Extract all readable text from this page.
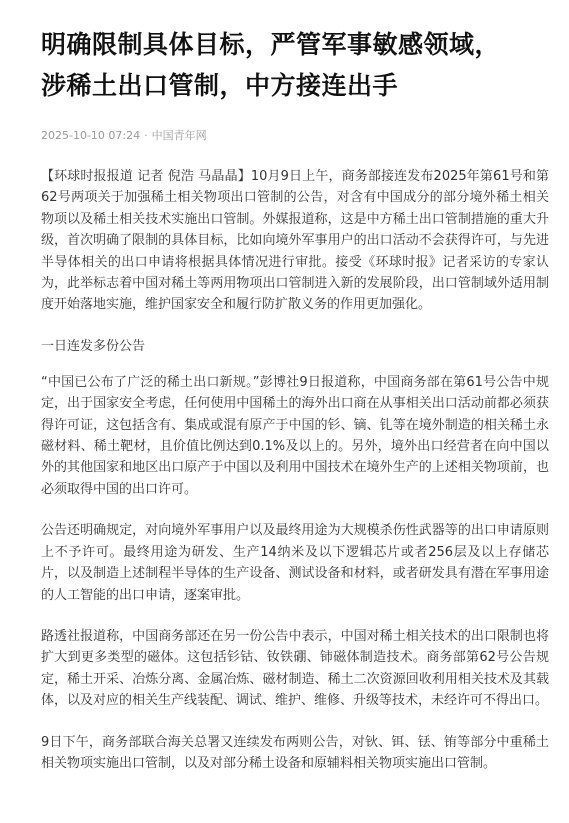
明确限制具体目标，严管军事敏感领域，
涉稀土出口管制，中方接连出手
2025-10-10 07:24 · 中国青年网

【环球时报报道 记者 倪浩 马晶晶】10月9日上午，商务部接连发布2025年第61号和第62号两项关于加强稀土相关物项出口管制的公告，对含有中国成分的部分境外稀土相关物项以及稀土相关技术实施出口管制。外媒报道称，这是中方稀土出口管制措施的重大升级，首次明确了限制的具体目标，比如向境外军事用户的出口活动不会获得许可，与先进半导体相关的出口申请将根据具体情况进行审批。接受《环球时报》记者采访的专家认为，此举标志着中国对稀土等两用物项出口管制进入新的发展阶段，出口管制域外适用制度开始落地实施，维护国家安全和履行防扩散义务的作用更加强化。

一日连发多份公告

“中国已公布了广泛的稀土出口新规。”彭博社9日报道称，中国商务部在第61号公告中规定，出于国家安全考虑，任何使用中国稀土的海外出口商在从事相关出口活动前都必须获得许可证，这包括含有、集成或混有原产于中国的钐、镝、钆等在境外制造的相关稀土永磁材料、稀土靶材，且价值比例达到0.1%及以上的。另外，境外出口经营者在向中国以外的其他国家和地区出口原产于中国以及利用中国技术在境外生产的上述相关物项前，也必须取得中国的出口许可。

公告还明确规定，对向境外军事用户以及最终用途为大规模杀伤性武器等的出口申请原则上不予许可。最终用途为研发、生产14纳米及以下逻辑芯片或者256层及以上存储芯片，以及制造上述制程半导体的生产设备、测试设备和材料，或者研发具有潜在军事用途的人工智能的出口申请，逐案审批。

路透社报道称，中国商务部还在另一份公告中表示，中国对稀土相关技术的出口限制也将扩大到更多类型的磁体。这包括钐钴、钕铁硼、铈磁体制造技术。商务部第62号公告规定，稀土开采、冶炼分离、金属冶炼、磁材制造、稀土二次资源回收利用相关技术及其载体，以及对应的相关生产线装配、调试、维护、维修、升级等技术，未经许可不得出口。

9日下午，商务部联合海关总署又连续发布两则公告，对钬、铒、铥、铕等部分中重稀土相关物项实施出口管制，以及对部分稀土设备和原辅料相关物项实施出口管制。
